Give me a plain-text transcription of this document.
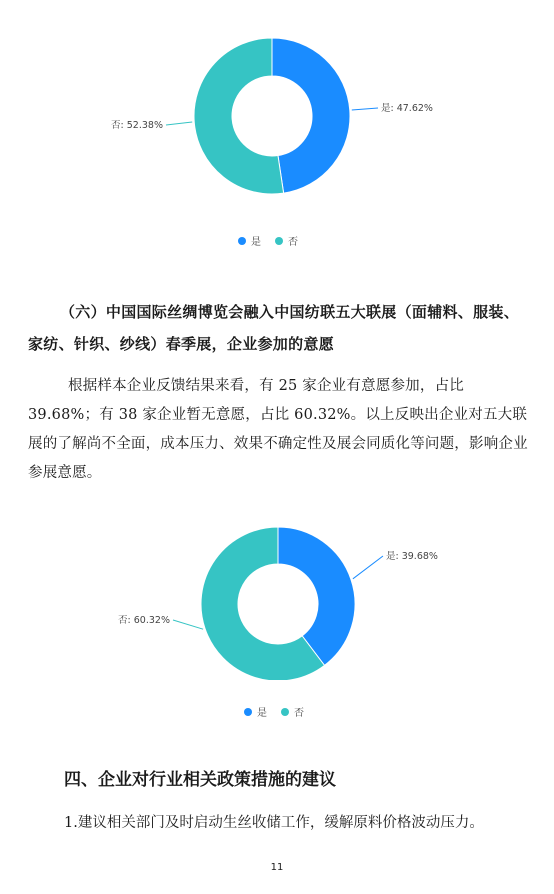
是: 47.62%
否: 52.38%
是	否
（六）中国国际丝绸博览会融入中国纺联五大联展（面辅料、服装、家纺、针织、纱线）春季展，企业参加的意愿
根据样本企业反馈结果来看，有 25 家企业有意愿参加，占比 39.68%；有 38 家企业暂无意愿，占比 60.32%。以上反映出企业对五大联展的了解尚不全面，成本压力、效果不确定性及展会同质化等问题，影响企业参展意愿。
是: 39.68%
否: 60.32%
是	否
四、企业对行业相关政策措施的建议
1.建议相关部门及时启动生丝收储工作，缓解原料价格波动压力。
11
